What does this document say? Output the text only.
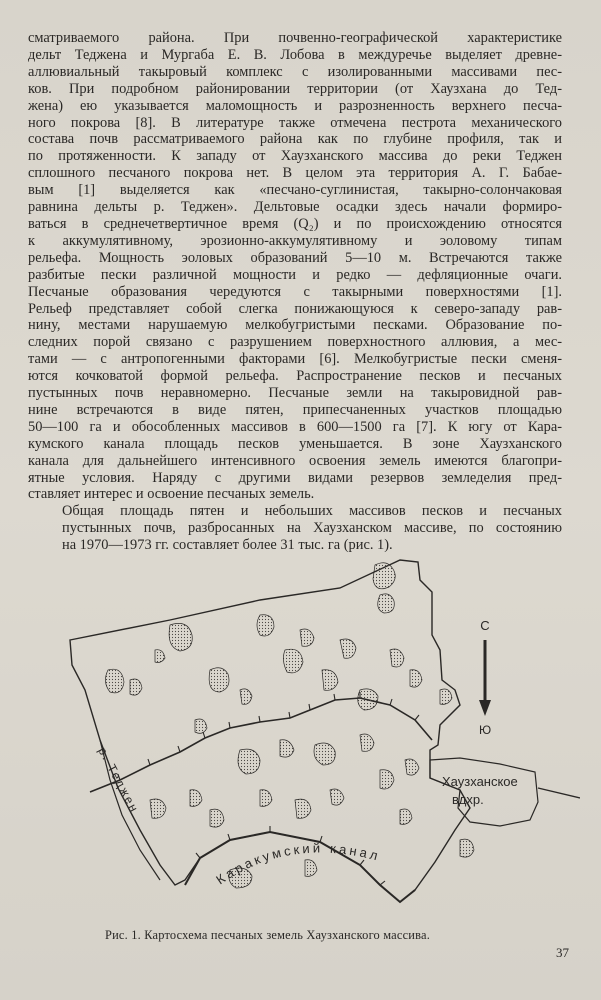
сматриваемого района. При почвенно-географической характеристике
дельт Теджена и Мургаба Е. В. Лобова в междуречье выделяет древне-
аллювиальный такыровый комплекс с изолированными массивами пес-
ков. При подробном районировании территории (от Хаузхана до Тед-
жена) ею указывается маломощность и разрозненность верхнего песча-
ного покрова [8]. В литературе также отмечена пестрота механического
состава почв рассматриваемого района как по глубине профиля, так и
по протяженности. К западу от Хаузханского массива до реки Теджен
сплошного песчаного покрова нет. В целом эта территория А. Г. Бабае-
вым [1] выделяется как «песчано-суглинистая, такырно-солончаковая
равнина дельты р. Теджен». Дельтовые осадки здесь начали формиро-
ваться в среднечетвертичное время (Q₂) и по происхождению относятся
к аккумулятивному, эрозионно-аккумулятивному и эоловому типам
рельефа. Мощность эоловых образований 5—10 м. Встречаются также
разбитые пески различной мощности и редко — дефляционные очаги.
Песчаные образования чередуются с такырными поверхностями [1].
Рельеф представляет собой слегка понижающуюся к северо-западу рав-
нину, местами нарушаемую мелкобугристыми песками. Образование по-
следних порой связано с разрушением поверхностного аллювия, а мес-
тами — с антропогенными факторами [6]. Мелкобугристые пески сменя-
ются кочковатой формой рельефа. Распространение песков и песчаных
пустынных почв неравномерно. Песчаные земли на такыровидной рав-
нине встречаются в виде пятен, припесчаненных участков площадью
50—100 га и обособленных массивов в 600—1500 га [7]. К югу от Кара-
кумского канала площадь песков уменьшается. В зоне Хаузханского
канала для дальнейшего интенсивного освоения земель имеются благопри-
ятные условия. Наряду с другими видами резервов земледелия пред-
ставляет интерес и освоение песчаных земель.

Общая площадь пятен и небольших массивов песков и песчаных
пустынных почв, разбросанных на Хаузханском массиве, по состоянию
на 1970—1973 гг. составляет более 31 тыс. га (рис. 1).

С
Ю
Хаузханское
вдхр.
р. Теджен
Каракумский канал
Рис. 1. Картосхема песчаных земель Хаузханского массива.
37
